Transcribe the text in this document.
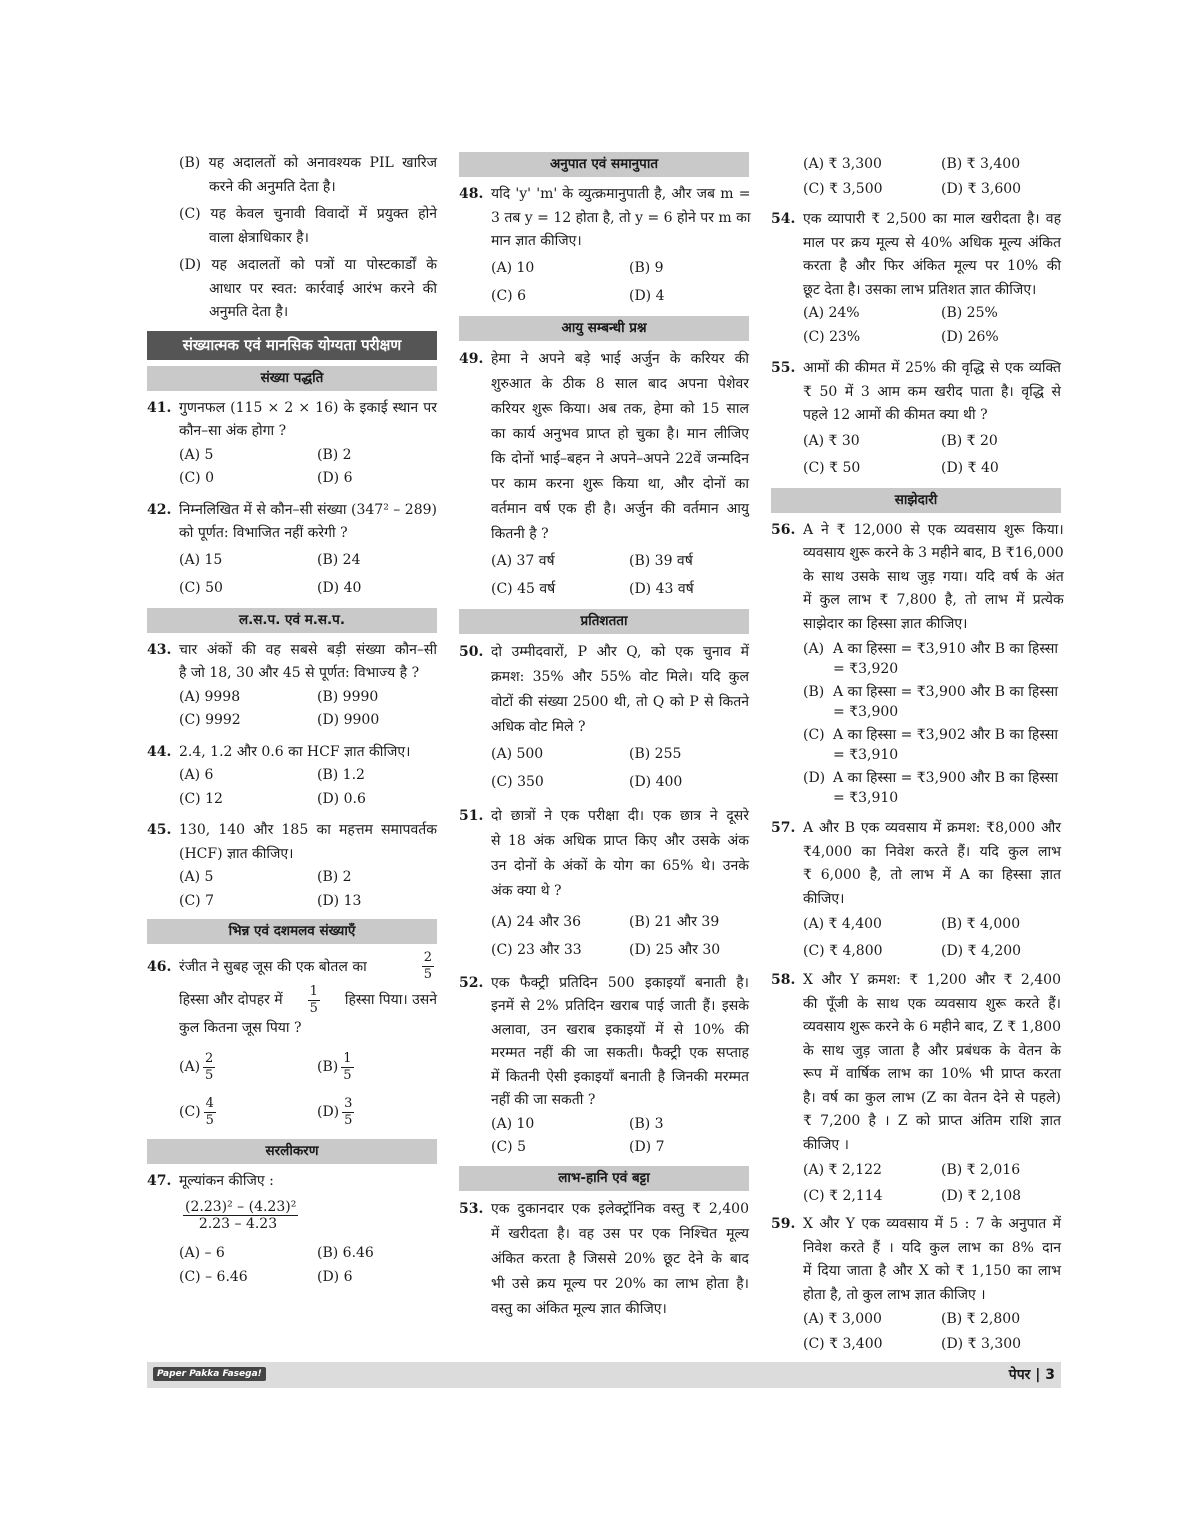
(B) यह अदालतों को अनावश्यक PIL खारिज
करने की अनुमति देता है।
(C) यह केवल चुनावी विवादों में प्रयुक्त होने
वाला क्षेत्राधिकार है।
(D) यह अदालतों को पत्रों या पोस्टकार्डों के
आधार पर स्वत: कार्रवाई आरंभ करने की
अनुमति देता है।
संख्यात्मक एवं मानसिक योग्यता परीक्षण
संख्या पद्धति
41. गुणनफल (115 × 2 × 16) के इकाई स्थान पर
कौन–सा अंक होगा ?
(A) 5	(B) 2
(C) 0	(D) 6
42. निम्नलिखित में से कौन–सी संख्या (347² – 289)
को पूर्णत: विभाजित नहीं करेगी ?
(A) 15	(B) 24
(C) 50	(D) 40
ल.स.प. एवं म.स.प.
43. चार अंकों की वह सबसे बड़ी संख्या कौन–सी
है जो 18, 30 और 45 से पूर्णत: विभाज्य है ?
(A) 9998	(B) 9990
(C) 9992	(D) 9900
44. 2.4, 1.2 और 0.6 का HCF ज्ञात कीजिए।
(A) 6	(B) 1.2
(C) 12	(D) 0.6
45. 130, 140 और 185 का महत्तम समापवर्तक
(HCF) ज्ञात कीजिए।
(A) 5	(B) 2
(C) 7	(D) 13
भिन्न एवं दशमलव संख्याएँ
46. रंजीत ने सुबह जूस की एक बोतल का	$\frac{2}{5}$
हिस्सा और दोपहर में $\frac{1}{5}$ हिस्सा पिया। उसने
कुल कितना जूस पिया ?
$(A) \frac{2}{5}$	$(B) \frac{1}{5}$
$(C) \frac{4}{5}$	$(D) \frac{3}{5}$
सरलीकरण
47. मूल्यांकन कीजिए :
(2.23)² – (4.23)²
2.23 – 4.23
(A) – 6	(B) 6.46
(C) – 6.46	(D) 6
अनुपात एवं समानुपात
48. यदि 'y' 'm' के व्युत्क्रमानुपाती है, और जब m =
3 तब y = 12 होता है, तो y = 6 होने पर m का
मान ज्ञात कीजिए।
(A) 10	(B) 9
(C) 6	(D) 4
आयु सम्बन्धी प्रश्न
49. हेमा ने अपने बड़े भाई अर्जुन के करियर की
शुरुआत के ठीक 8 साल बाद अपना पेशेवर
करियर शुरू किया। अब तक, हेमा को 15 साल
का कार्य अनुभव प्राप्त हो चुका है। मान लीजिए
कि दोनों भाई–बहन ने अपने–अपने 22वें जन्मदिन
पर काम करना शुरू किया था, और दोनों का
वर्तमान वर्ष एक ही है। अर्जुन की वर्तमान आयु
कितनी है ?
(A) 37 वर्ष	(B) 39 वर्ष
(C) 45 वर्ष	(D) 43 वर्ष
प्रतिशतता
50. दो उम्मीदवारों, P और Q, को एक चुनाव में
क्रमश: 35% और 55% वोट मिले। यदि कुल
वोटों की संख्या 2500 थी, तो Q को P से कितने
अधिक वोट मिले ?
(A) 500	(B) 255
(C) 350	(D) 400
51. दो छात्रों ने एक परीक्षा दी। एक छात्र ने दूसरे
से 18 अंक अधिक प्राप्त किए और उसके अंक
उन दोनों के अंकों के योग का 65% थे। उनके
अंक क्या थे ?
(A) 24 और 36	(B) 21 और 39
(C) 23 और 33	(D) 25 और 30
52. एक फैक्ट्री प्रतिदिन 500 इकाइयाँ बनाती है।
इनमें से 2% प्रतिदिन खराब पाई जाती हैं। इसके
अलावा, उन खराब इकाइयों में से 10% की
मरम्मत नहीं की जा सकती। फैक्ट्री एक सप्ताह
में कितनी ऐसी इकाइयाँ बनाती है जिनकी मरम्मत
नहीं की जा सकती ?
(A) 10	(B) 3
(C) 5	(D) 7
लाभ-हानि एवं बट्टा
53. एक दुकानदार एक इलेक्ट्रॉनिक वस्तु ₹ 2,400
में खरीदता है। वह उस पर एक निश्चित मूल्य
अंकित करता है जिससे 20% छूट देने के बाद
भी उसे क्रय मूल्य पर 20% का लाभ होता है।
वस्तु का अंकित मूल्य ज्ञात कीजिए।
(A) ₹ 3,300	(B) ₹ 3,400
(C) ₹ 3,500	(D) ₹ 3,600
54. एक व्यापारी ₹ 2,500 का माल खरीदता है। वह
माल पर क्रय मूल्य से 40% अधिक मूल्य अंकित
करता है और फिर अंकित मूल्य पर 10% की
छूट देता है। उसका लाभ प्रतिशत ज्ञात कीजिए।
(A) 24%	(B) 25%
(C) 23%	(D) 26%
55. आमों की कीमत में 25% की वृद्धि से एक व्यक्ति
₹ 50 में 3 आम कम खरीद पाता है। वृद्धि से
पहले 12 आमों की कीमत क्या थी ?
(A) ₹ 30	(B) ₹ 20
(C) ₹ 50	(D) ₹ 40
साझेदारी
56. A ने ₹ 12,000 से एक व्यवसाय शुरू किया।
व्यवसाय शुरू करने के 3 महीने बाद, B ₹16,000
के साथ उसके साथ जुड़ गया। यदि वर्ष के अंत
में कुल लाभ ₹ 7,800 है, तो लाभ में प्रत्येक
साझेदार का हिस्सा ज्ञात कीजिए।
(A) A का हिस्सा = ₹3,910 और B का हिस्सा
= ₹3,920
(B) A का हिस्सा = ₹3,900 और B का हिस्सा
= ₹3,900
(C) A का हिस्सा = ₹3,902 और B का हिस्सा
= ₹3,910
(D) A का हिस्सा = ₹3,900 और B का हिस्सा
= ₹3,910
57. A और B एक व्यवसाय में क्रमश: ₹8,000 और
₹4,000 का निवेश करते हैं। यदि कुल लाभ
₹ 6,000 है, तो लाभ में A का हिस्सा ज्ञात
कीजिए।
(A) ₹ 4,400	(B) ₹ 4,000
(C) ₹ 4,800	(D) ₹ 4,200
58. X और Y क्रमश: ₹ 1,200 और ₹ 2,400
की पूँजी के साथ एक व्यवसाय शुरू करते हैं।
व्यवसाय शुरू करने के 6 महीने बाद, Z ₹ 1,800
के साथ जुड़ जाता है और प्रबंधक के वेतन के
रूप में वार्षिक लाभ का 10% भी प्राप्त करता
है। वर्ष का कुल लाभ (Z का वेतन देने से पहले)
₹ 7,200 है । Z को प्राप्त अंतिम राशि ज्ञात
कीजिए ।
(A) ₹ 2,122	(B) ₹ 2,016
(C) ₹ 2,114	(D) ₹ 2,108
59. X और Y एक व्यवसाय में 5 : 7 के अनुपात में
निवेश करते हैं । यदि कुल लाभ का 8% दान
में दिया जाता है और X को ₹ 1,150 का लाभ
होता है, तो कुल लाभ ज्ञात कीजिए ।
(A) ₹ 3,000	(B) ₹ 2,800
(C) ₹ 3,400	(D) ₹ 3,300
Paper Pakka Fasega!	पेपर | 3
